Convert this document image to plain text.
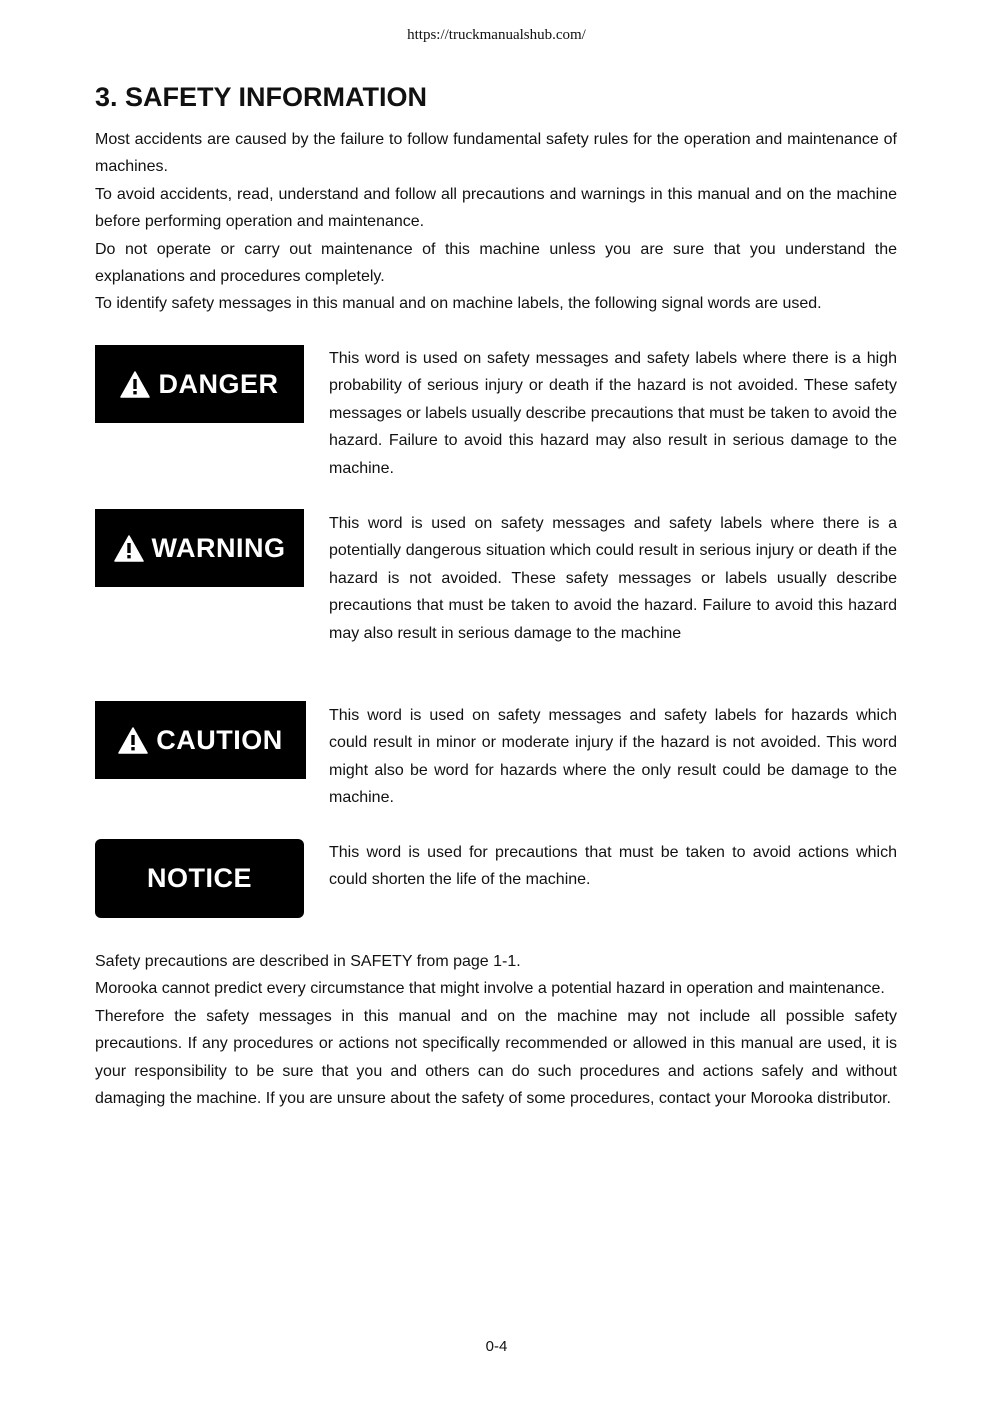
https://truckmanualshub.com/
3. SAFETY INFORMATION

Most accidents are caused by the failure to follow fundamental safety rules for the operation and maintenance of machines.

To avoid accidents, read, understand and follow all precautions and warnings in this manual and on the machine before performing operation and maintenance.

Do not operate or carry out maintenance of this machine unless you are sure that you understand the explanations and procedures completely.

To identify safety messages in this manual and on machine labels, the following signal words are used.

DANGER

This word is used on safety messages and safety labels where there is a high probability of serious injury or death if the hazard is not avoided. These safety messages or labels usually describe precautions that must be taken to avoid the hazard. Failure to avoid this hazard may also result in serious damage to the machine.

WARNING

This word is used on safety messages and safety labels where there is a potentially dangerous situation which could result in serious injury or death if the hazard is not avoided. These safety messages or labels usually describe precautions that must be taken to avoid the hazard. Failure to avoid this hazard may also result in serious damage to the machine

CAUTION

This word is used on safety messages and safety labels for hazards which could result in minor or moderate injury if the hazard is not avoided. This word might also be word for hazards where the only result could be damage to the machine.

NOTICE

This word is used for precautions that must be taken to avoid actions which could shorten the life of the machine.

Safety precautions are described in SAFETY from page 1-1.

Morooka cannot predict every circumstance that might involve a potential hazard in operation and maintenance.

Therefore the safety messages in this manual and on the machine may not include all possible safety precautions. If any procedures or actions not specifically recommended or allowed in this manual are used, it is your responsibility to be sure that you and others can do such procedures and actions safely and without damaging the machine. If you are unsure about the safety of some procedures, contact your Morooka distributor.

0-4
